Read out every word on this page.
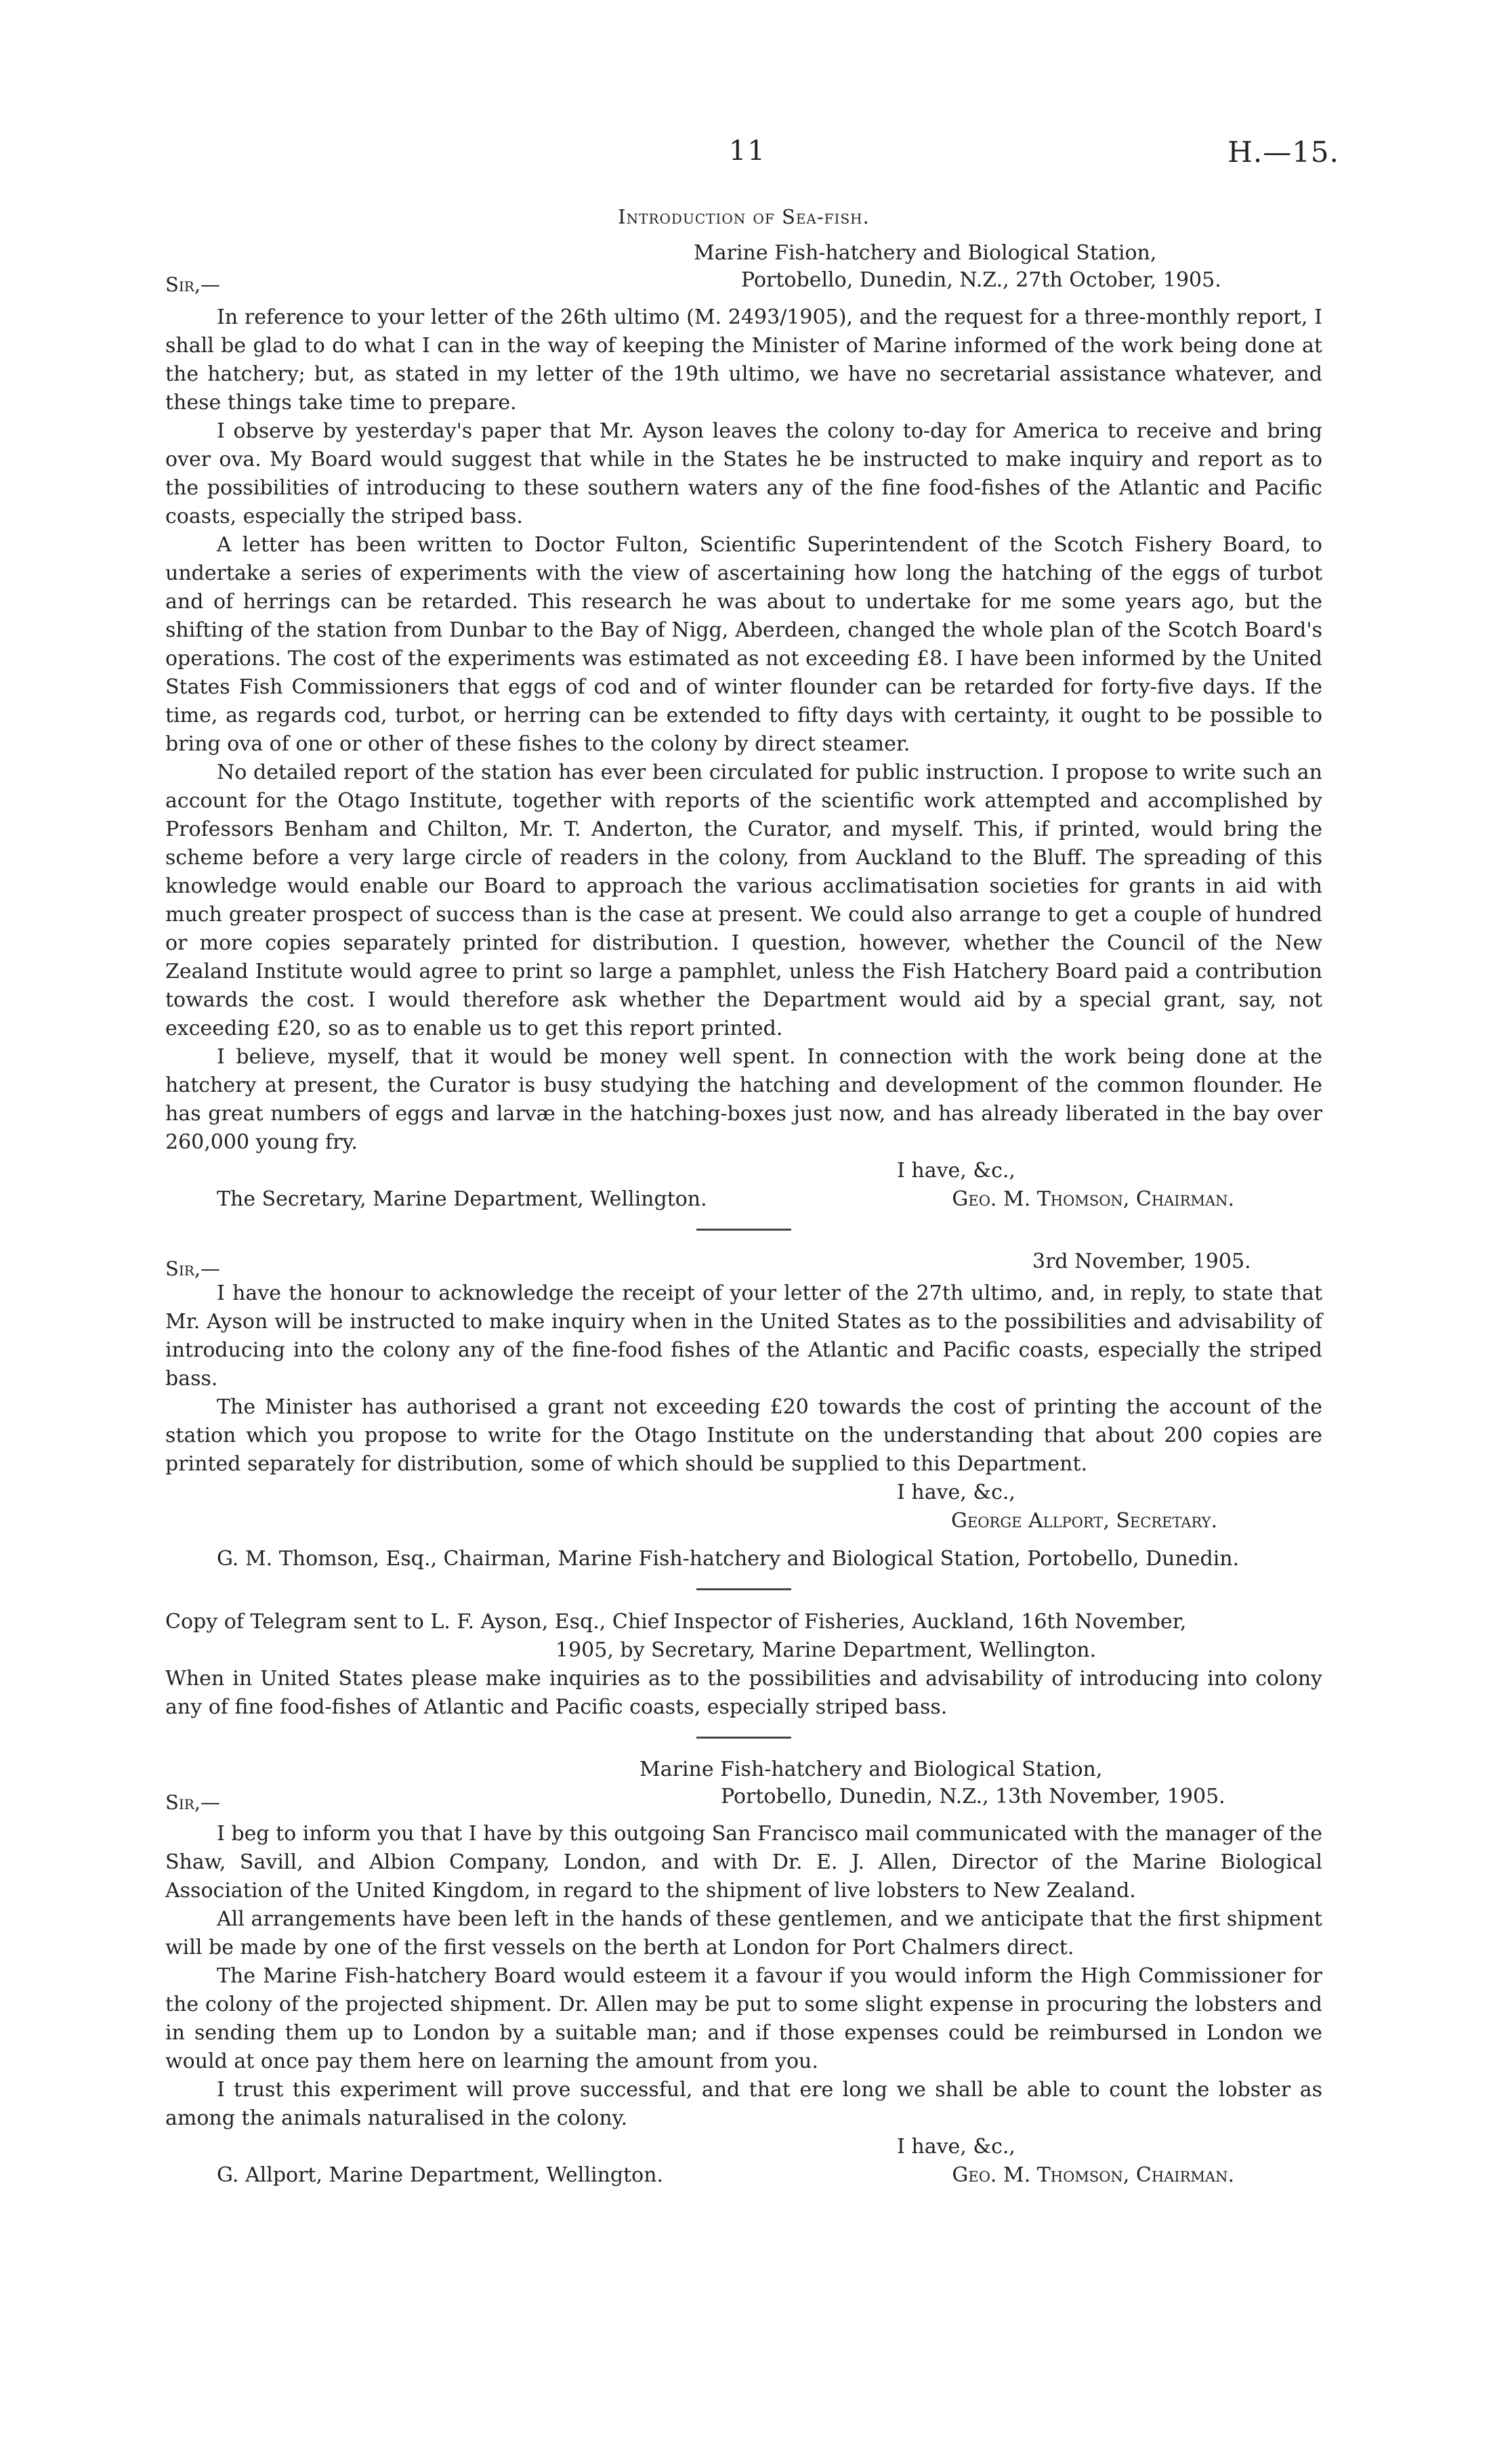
11	H.—15.

Introduction of Sea-fish.

Marine Fish-hatchery and Biological Station,

Sir,—	Portobello, Dunedin, N.Z., 27th October, 1905.

In reference to your letter of the 26th ultimo (M. 2493/1905), and the request for a three-monthly report, I shall be glad to do what I can in the way of keeping the Minister of Marine informed of the work being done at the hatchery; but, as stated in my letter of the 19th ultimo, we have no secretarial assistance whatever, and these things take time to prepare.

I observe by yesterday's paper that Mr. Ayson leaves the colony to-day for America to receive and bring over ova. My Board would suggest that while in the States he be instructed to make inquiry and report as to the possibilities of introducing to these southern waters any of the fine food-fishes of the Atlantic and Pacific coasts, especially the striped bass.

A letter has been written to Doctor Fulton, Scientific Superintendent of the Scotch Fishery Board, to undertake a series of experiments with the view of ascertaining how long the hatching of the eggs of turbot and of herrings can be retarded. This research he was about to undertake for me some years ago, but the shifting of the station from Dunbar to the Bay of Nigg, Aberdeen, changed the whole plan of the Scotch Board's operations. The cost of the experiments was estimated as not exceeding £8. I have been informed by the United States Fish Commissioners that eggs of cod and of winter flounder can be retarded for forty-five days. If the time, as regards cod, turbot, or herring can be extended to fifty days with certainty, it ought to be possible to bring ova of one or other of these fishes to the colony by direct steamer.

No detailed report of the station has ever been circulated for public instruction. I propose to write such an account for the Otago Institute, together with reports of the scientific work attempted and accomplished by Professors Benham and Chilton, Mr. T. Anderton, the Curator, and myself. This, if printed, would bring the scheme before a very large circle of readers in the colony, from Auckland to the Bluff. The spreading of this knowledge would enable our Board to approach the various acclimatisation societies for grants in aid with much greater prospect of success than is the case at present. We could also arrange to get a couple of hundred or more copies separately printed for distribution. I question, however, whether the Council of the New Zealand Institute would agree to print so large a pamphlet, unless the Fish Hatchery Board paid a contribution towards the cost. I would therefore ask whether the Department would aid by a special grant, say, not exceeding £20, so as to enable us to get this report printed.

I believe, myself, that it would be money well spent. In connection with the work being done at the hatchery at present, the Curator is busy studying the hatching and development of the common flounder. He has great numbers of eggs and larvæ in the hatching-boxes just now, and has already liberated in the bay over 260,000 young fry.

I have, &c.,

The Secretary, Marine Department, Wellington.	Geo. M. Thomson, Chairman.
Sir,—	3rd November, 1905.

I have the honour to acknowledge the receipt of your letter of the 27th ultimo, and, in reply, to state that Mr. Ayson will be instructed to make inquiry when in the United States as to the possibilities and advisability of introducing into the colony any of the fine-food fishes of the Atlantic and Pacific coasts, especially the striped bass.

The Minister has authorised a grant not exceeding £20 towards the cost of printing the account of the station which you propose to write for the Otago Institute on the understanding that about 200 copies are printed separately for distribution, some of which should be supplied to this Department.

I have, &c.,

George Allport, Secretary.

G. M. Thomson, Esq., Chairman, Marine Fish-hatchery and Biological Station, Portobello, Dunedin.

Copy of Telegram sent to L. F. Ayson, Esq., Chief Inspector of Fisheries, Auckland, 16th November,

1905, by Secretary, Marine Department, Wellington.

When in United States please make inquiries as to the possibilities and advisability of introducing into colony any of fine food-fishes of Atlantic and Pacific coasts, especially striped bass.

Marine Fish-hatchery and Biological Station,

Sir,—	Portobello, Dunedin, N.Z., 13th November, 1905.

I beg to inform you that I have by this outgoing San Francisco mail communicated with the manager of the Shaw, Savill, and Albion Company, London, and with Dr. E. J. Allen, Director of the Marine Biological Association of the United Kingdom, in regard to the shipment of live lobsters to New Zealand.

All arrangements have been left in the hands of these gentlemen, and we anticipate that the first shipment will be made by one of the first vessels on the berth at London for Port Chalmers direct.

The Marine Fish-hatchery Board would esteem it a favour if you would inform the High Commissioner for the colony of the projected shipment. Dr. Allen may be put to some slight expense in procuring the lobsters and in sending them up to London by a suitable man; and if those expenses could be reimbursed in London we would at once pay them here on learning the amount from you.

I trust this experiment will prove successful, and that ere long we shall be able to count the lobster as among the animals naturalised in the colony.

I have, &c.,

G. Allport, Marine Department, Wellington.	Geo. M. Thomson, Chairman.
